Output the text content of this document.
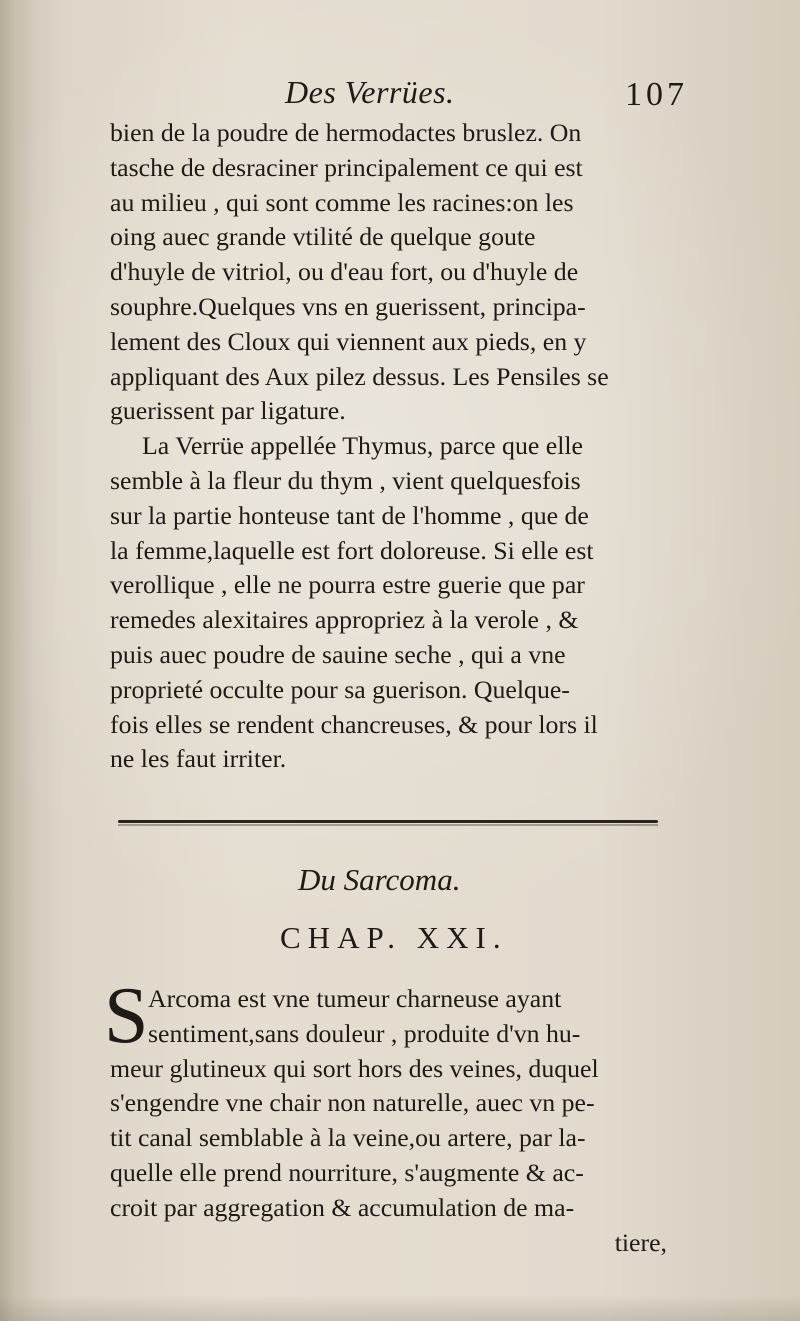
Des Verrües.	107
bien de la poudre de hermodactes bruslez. On
tasche de desraciner principalement ce qui est
au milieu , qui sont comme les racines:on les
oing auec grande vtilité de quelque goute
d'huyle de vitriol, ou d'eau fort, ou d'huyle de
souphre.Quelques vns en guerissent, principa-
lement des Cloux qui viennent aux pieds, en y
appliquant des Aux pilez dessus. Les Pensiles se
guerissent par ligature.
La Verrüe appellée Thymus, parce que elle
semble à la fleur du thym , vient quelquesfois
sur la partie honteuse tant de l'homme , que de
la femme,laquelle est fort doloreuse. Si elle est
verollique , elle ne pourra estre guerie que par
remedes alexitaires appropriez à la verole , &
puis auec poudre de sauine seche , qui a vne
proprieté occulte pour sa guerison. Quelque-
fois elles se rendent chancreuses, & pour lors il
ne les faut irriter.
Du Sarcoma.
CHAP. XXI.
S Arcoma est vne tumeur charneuse ayant
sentiment,sans douleur , produite d'vn hu-
meur glutineux qui sort hors des veines, duquel
s'engendre vne chair non naturelle, auec vn pe-
tit canal semblable à la veine,ou artere, par la-
quelle elle prend nourriture, s'augmente & ac-
croit par aggregation & accumulation de ma-
tiere,
